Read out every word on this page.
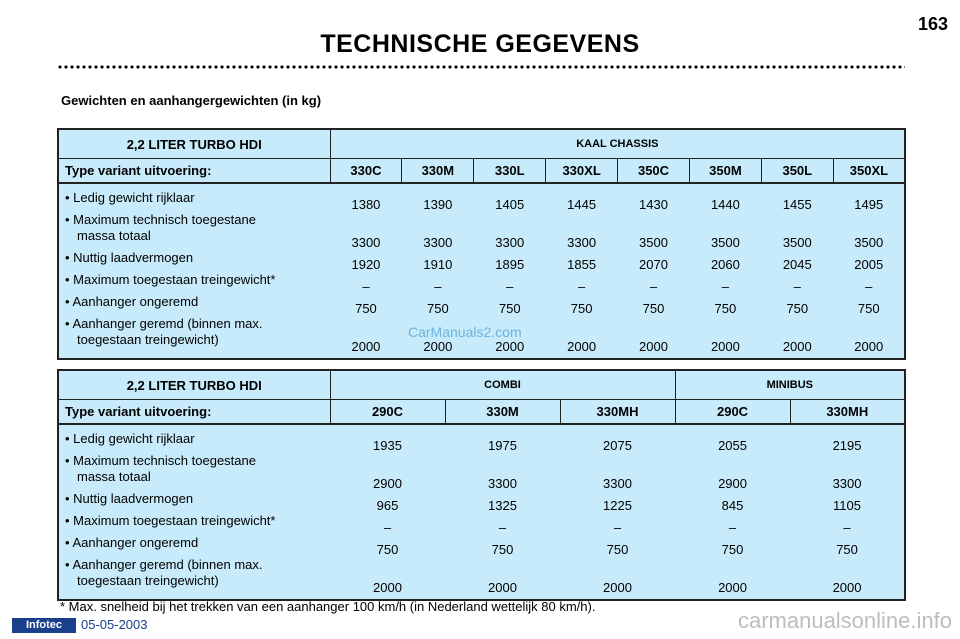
163
TECHNISCHE GEGEVENS
Gewichten en aanhangergewichten (in kg)
2,2 LITER TURBO HDI	KAAL CHASSIS							
Type variant uitvoering:	330C	330M	330L	330XL	350C	350M	350L	350XL

• Ledig gewicht rijklaar	1380	1390	1405	1445	1430	1440	1455	1495

• Maximum technisch toegestane
massa totaal	3300	3300	3300	3300	3500	3500	3500	3500

• Nuttig laadvermogen	1920	1910	1895	1855	2070	2060	2045	2005

• Maximum toegestaan treingewicht*	–	–	–	–	–	–	–	–

• Aanhanger ongeremd	750	750	750	750	750	750	750	750

• Aanhanger geremd (binnen max.
toegestaan treingewicht)	2000	2000	2000	2000	2000	2000	2000	2000
2,2 LITER TURBO HDI	COMBI			MINIBUS	
Type variant uitvoering:	290C	330M	330MH	290C	330MH

• Ledig gewicht rijklaar	1935	1975	2075	2055	2195

• Maximum technisch toegestane
massa totaal	2900	3300	3300	2900	3300

• Nuttig laadvermogen	965	1325	1225	845	1105

• Maximum toegestaan treingewicht*	–	–	–	–	–

• Aanhanger ongeremd	750	750	750	750	750

• Aanhanger geremd (binnen max.
toegestaan treingewicht)	2000	2000	2000	2000	2000
CarManuals2.com
* Max. snelheid bij het trekken van een aanhanger 100 km/h (in Nederland wettelijk 80 km/h).
Infotec	05-05-2003	carmanualsonline.info
